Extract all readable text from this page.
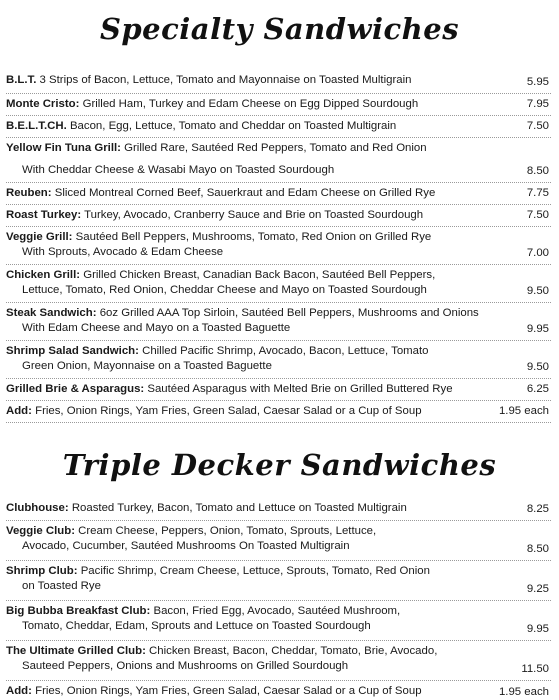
Specialty Sandwiches
B.L.T. 3 Strips of Bacon, Lettuce, Tomato and Mayonnaise on Toasted Multigrain	5.95
Monte Cristo: Grilled Ham, Turkey and Edam Cheese on Egg Dipped Sourdough	7.95
B.E.L.T.CH. Bacon, Egg, Lettuce, Tomato and Cheddar on Toasted Multigrain	7.50
Yellow Fin Tuna Grill: Grilled Rare, Sautéed Red Peppers, Tomato and Red Onion
With Cheddar Cheese & Wasabi Mayo on Toasted Sourdough	8.50
Reuben: Sliced Montreal Corned Beef, Sauerkraut and Edam Cheese on Grilled Rye	7.75
Roast Turkey: Turkey, Avocado, Cranberry Sauce and Brie on Toasted Sourdough	7.50
Veggie Grill: Sautéed Bell Peppers, Mushrooms, Tomato, Red Onion on Grilled Rye
With Sprouts, Avocado & Edam Cheese	7.00
Chicken Grill: Grilled Chicken Breast, Canadian Back Bacon, Sautéed Bell Peppers,
Lettuce, Tomato, Red Onion, Cheddar Cheese and Mayo on Toasted Sourdough	9.50
Steak Sandwich: 6oz Grilled AAA Top Sirloin, Sautéed Bell Peppers, Mushrooms and Onions
With Edam Cheese and Mayo on a Toasted Baguette	9.95
Shrimp Salad Sandwich: Chilled Pacific Shrimp, Avocado, Bacon, Lettuce, Tomato
Green Onion, Mayonnaise on a Toasted Baguette	9.50
Grilled Brie & Asparagus: Sautéed Asparagus with Melted Brie on Grilled Buttered Rye	6.25
Add: Fries, Onion Rings, Yam Fries, Green Salad, Caesar Salad or a Cup of Soup	1.95 each
Triple Decker Sandwiches
Clubhouse: Roasted Turkey, Bacon, Tomato and Lettuce on Toasted Multigrain	8.25
Veggie Club: Cream Cheese, Peppers, Onion, Tomato, Sprouts, Lettuce,
Avocado, Cucumber, Sautéed Mushrooms On Toasted Multigrain	8.50
Shrimp Club: Pacific Shrimp, Cream Cheese, Lettuce, Sprouts, Tomato, Red Onion
on Toasted Rye	9.25
Big Bubba Breakfast Club: Bacon, Fried Egg, Avocado, Sautéed Mushroom,
Tomato, Cheddar, Edam, Sprouts and Lettuce on Toasted Sourdough	9.95
The Ultimate Grilled Club: Chicken Breast, Bacon, Cheddar, Tomato, Brie, Avocado,
Sauteed Peppers, Onions and Mushrooms on Grilled Sourdough	11.50
Add: Fries, Onion Rings, Yam Fries, Green Salad, Caesar Salad or a Cup of Soup	1.95 each
